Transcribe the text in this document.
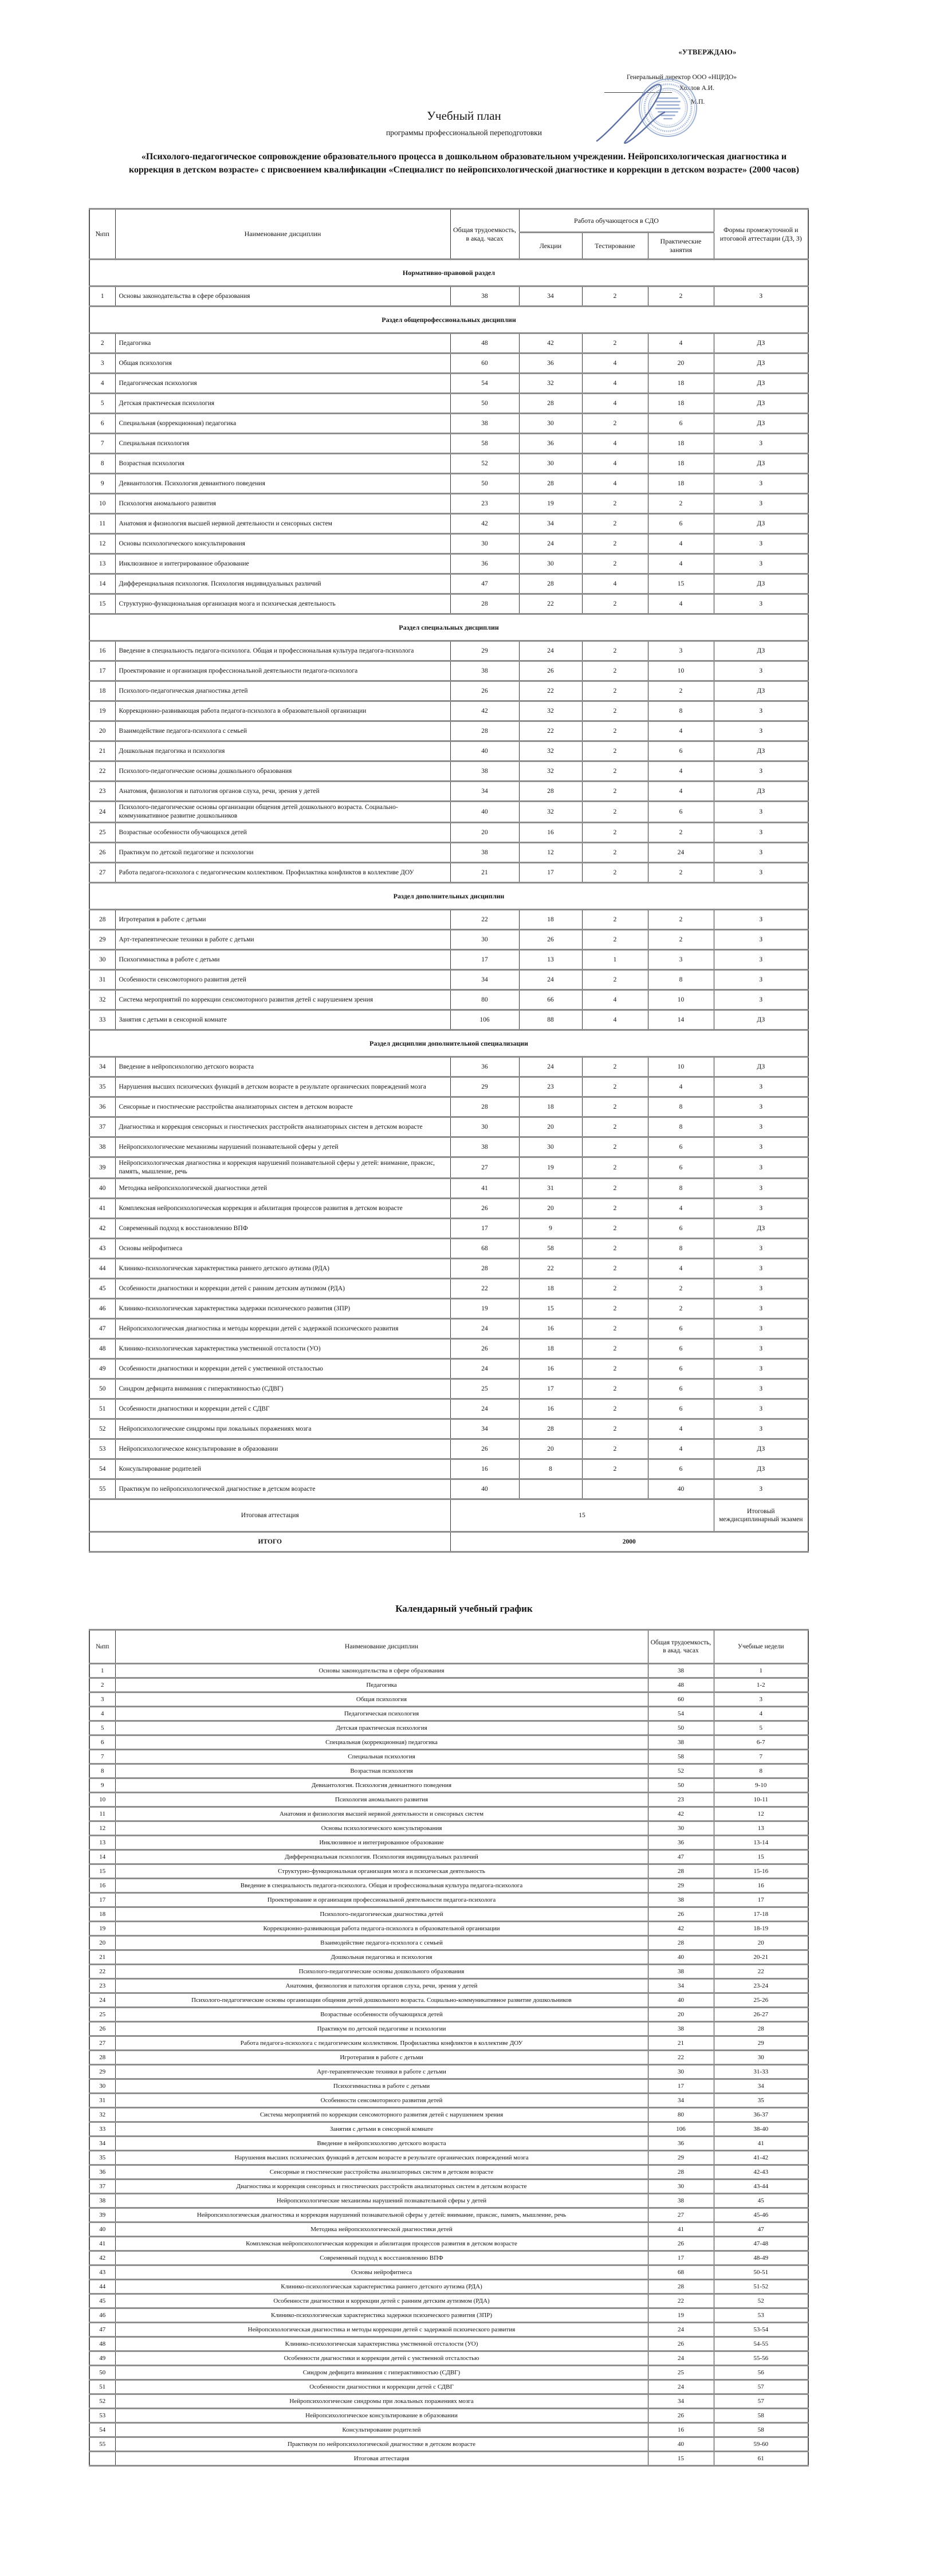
«УТВЕРЖДАЮ»
Генеральный директор ООО «НЦРДО»
Хохлов А.И.
М.П.
Учебный план
программы профессиональной переподготовки
«Психолого-педагогическое сопровождение образовательного процесса в дошкольном образовательном учреждении. Нейропсихологическая диагностика и коррекция в детском возрасте» с присвоением квалификации «Специалист по нейропсихологической диагностике и коррекции в детском возрасте» (2000 часов)
№пп	Наименование дисциплин	Общая трудоемкость, в акад. часах	Работа обучающегося в СДО			Формы промежуточной и итоговой аттестации (ДЗ, З)
			Лекции	Тестирование	Практические занятия	
Нормативно-правовой раздел						
1	Основы законодательства в сфере образования	38	34	2	2	З
Раздел общепрофессиональных дисциплин						
2	Педагогика	48	42	2	4	ДЗ
3	Общая психология	60	36	4	20	ДЗ
4	Педагогическая психология	54	32	4	18	ДЗ
5	Детская практическая психология	50	28	4	18	ДЗ
6	Специальная (коррекционная) педагогика	38	30	2	6	ДЗ
7	Специальная психология	58	36	4	18	З
8	Возрастная психология	52	30	4	18	ДЗ
9	Девиантология. Психология девиантного поведения	50	28	4	18	З
10	Психология аномального развития	23	19	2	2	З
11	Анатомия и физиология высшей нервной деятельности и сенсорных систем	42	34	2	6	ДЗ
12	Основы психологического консультирования	30	24	2	4	З
13	Инклюзивное и интегрированное образование	36	30	2	4	З
14	Дифференциальная психология. Психология индивидуальных различий	47	28	4	15	ДЗ
15	Структурно-функциональная организация мозга и психическая деятельность	28	22	2	4	З
Раздел специальных дисциплин						
16	Введение в специальность педагога-психолога. Общая и профессиональная культура педагога-психолога	29	24	2	3	ДЗ
17	Проектирование и организация профессиональной деятельности педагога-психолога	38	26	2	10	З
18	Психолого-педагогическая диагностика детей	26	22	2	2	ДЗ
19	Коррекционно-развивающая работа педагога-психолога в образовательной организации	42	32	2	8	З
20	Взаимодействие педагога-психолога с семьей	28	22	2	4	З
21	Дошкольная педагогика и психология	40	32	2	6	ДЗ
22	Психолого-педагогические основы дошкольного образования	38	32	2	4	З
23	Анатомия, физиология и патология органов слуха, речи, зрения у детей	34	28	2	4	ДЗ
24	Психолого-педагогические основы организации общения детей дошкольного возраста. Социально-коммуникативное развитие дошкольников	40	32	2	6	З
25	Возрастные особенности обучающихся детей	20	16	2	2	З
26	Практикум по детской педагогике и психологии	38	12	2	24	З
27	Работа педагога-психолога с педагогическим коллективом. Профилактика конфликтов в коллективе ДОУ	21	17	2	2	З
Раздел дополнительных дисциплин						
28	Игротерапия в работе с детьми	22	18	2	2	З
29	Арт-терапевтические техники в работе с детьми	30	26	2	2	З
30	Психогимнастика в работе с детьми	17	13	1	3	З
31	Особенности сенсомоторного развития детей	34	24	2	8	З
32	Система мероприятий по коррекции сенсомоторного развития детей с нарушением зрения	80	66	4	10	З
33	Занятия с детьми в сенсорной комнате	106	88	4	14	ДЗ
Раздел дисциплин дополнительной специализации						
34	Введение в нейропсихологию детского возраста	36	24	2	10	ДЗ
35	Нарушения высших психических функций в детском возрасте в результате органических повреждений мозга	29	23	2	4	З
36	Сенсорные и гностические расстройства анализаторных систем в детском возрасте	28	18	2	8	З
37	Диагностика и коррекция сенсорных и гностических расстройств анализаторных систем в детском возрасте	30	20	2	8	З
38	Нейропсихологические механизмы нарушений познавательной сферы у детей	38	30	2	6	З
39	Нейропсихологическая диагностика и коррекция нарушений познавательной сферы у детей: внимание, праксис, память, мышление, речь	27	19	2	6	З
40	Методика нейропсихологической диагностики детей	41	31	2	8	З
41	Комплексная нейропсихологическая коррекция и абилитация процессов развития в детском возрасте	26	20	2	4	З
42	Современный подход к восстановлению ВПФ	17	9	2	6	ДЗ
43	Основы нейрофитнеса	68	58	2	8	З
44	Клинико-психологическая характеристика раннего детского аутизма (РДА)	28	22	2	4	З
45	Особенности диагностики и коррекции детей с ранним детским аутизмом (РДА)	22	18	2	2	З
46	Клинико-психологическая характеристика задержки психического развития (ЗПР)	19	15	2	2	З
47	Нейропсихологическая диагностика и методы коррекции детей с задержкой психического развития	24	16	2	6	З
48	Клинико-психологическая характеристика умственной отсталости (УО)	26	18	2	6	З
49	Особенности диагностики и коррекции детей с умственной отсталостью	24	16	2	6	З
50	Синдром дефицита внимания с гиперактивностью (СДВГ)	25	17	2	6	З
51	Особенности диагностики и коррекции детей с СДВГ	24	16	2	6	З
52	Нейропсихологические синдромы при локальных поражениях мозга	34	28	2	4	З
53	Нейропсихологическое консультирование в образовании	26	20	2	4	ДЗ
54	Консультирование родителей	16	8	2	6	ДЗ
55	Практикум по нейропсихологической диагностике в детском возрасте	40			40	З
Итоговая аттестация		15				Итоговый междисциплинарный экзамен
ИТОГО		2000				
Календарный учебный график
№пп	Наименование дисциплин	Общая трудоемкость, в акад. часах	Учебные недели
1	Основы законодательства в сфере образования	38	1
2	Педагогика	48	1-2
3	Общая психология	60	3
4	Педагогическая психология	54	4
5	Детская практическая психология	50	5
6	Специальная (коррекционная) педагогика	38	6-7
7	Специальная психология	58	7
8	Возрастная психология	52	8
9	Девиантология. Психология девиантного поведения	50	9-10
10	Психология аномального развития	23	10-11
11	Анатомия и физиология высшей нервной деятельности и сенсорных систем	42	12
12	Основы психологического консультирования	30	13
13	Инклюзивное и интегрированное образование	36	13-14
14	Дифференциальная психология. Психология индивидуальных различий	47	15
15	Структурно-функциональная организация мозга и психическая деятельность	28	15-16
16	Введение в специальность педагога-психолога. Общая и профессиональная культура педагога-психолога	29	16
17	Проектирование и организация профессиональной деятельности педагога-психолога	38	17
18	Психолого-педагогическая диагностика детей	26	17-18
19	Коррекционно-развивающая работа педагога-психолога в образовательной организации	42	18-19
20	Взаимодействие педагога-психолога с семьей	28	20
21	Дошкольная педагогика и психология	40	20-21
22	Психолого-педагогические основы дошкольного образования	38	22
23	Анатомия, физиология и патология органов слуха, речи, зрения у детей	34	23-24
24	Психолого-педагогические основы организации общения детей дошкольного возраста. Социально-коммуникативное развитие дошкольников	40	25-26
25	Возрастные особенности обучающихся детей	20	26-27
26	Практикум по детской педагогике и психологии	38	28
27	Работа педагога-психолога с педагогическим коллективом. Профилактика конфликтов в коллективе ДОУ	21	29
28	Игротерапия в работе с детьми	22	30
29	Арт-терапевтические техники в работе с детьми	30	31-33
30	Психогимнастика в работе с детьми	17	34
31	Особенности сенсомоторного развития детей	34	35
32	Система мероприятий по коррекции сенсомоторного развития детей с нарушением зрения	80	36-37
33	Занятия с детьми в сенсорной комнате	106	38-40
34	Введение в нейропсихологию детского возраста	36	41
35	Нарушения высших психических функций в детском возрасте в результате органических повреждений мозга	29	41-42
36	Сенсорные и гностические расстройства анализаторных систем в детском возрасте	28	42-43
37	Диагностика и коррекция сенсорных и гностических расстройств анализаторных систем в детском возрасте	30	43-44
38	Нейропсихологические механизмы нарушений познавательной сферы у детей	38	45
39	Нейропсихологическая диагностика и коррекция нарушений познавательной сферы у детей: внимание, праксис, память, мышление, речь	27	45-46
40	Методика нейропсихологической диагностики детей	41	47
41	Комплексная нейропсихологическая коррекция и абилитация процессов развития в детском возрасте	26	47-48
42	Современный подход к восстановлению ВПФ	17	48-49
43	Основы нейрофитнеса	68	50-51
44	Клинико-психологическая характеристика раннего детского аутизма (РДА)	28	51-52
45	Особенности диагностики и коррекции детей с ранним детским аутизмом (РДА)	22	52
46	Клинико-психологическая характеристика задержки психического развития (ЗПР)	19	53
47	Нейропсихологическая диагностика и методы коррекции детей с задержкой психического развития	24	53-54
48	Клинико-психологическая характеристика умственной отсталости (УО)	26	54-55
49	Особенности диагностики и коррекции детей с умственной отсталостью	24	55-56
50	Синдром дефицита внимания с гиперактивностью (СДВГ)	25	56
51	Особенности диагностики и коррекции детей с СДВГ	24	57
52	Нейропсихологические синдромы при локальных поражениях мозга	34	57
53	Нейропсихологическое консультирование в образовании	26	58
54	Консультирование родителей	16	58
55	Практикум по нейропсихологической диагностике в детском возрасте	40	59-60
	Итоговая аттестация	15	61
